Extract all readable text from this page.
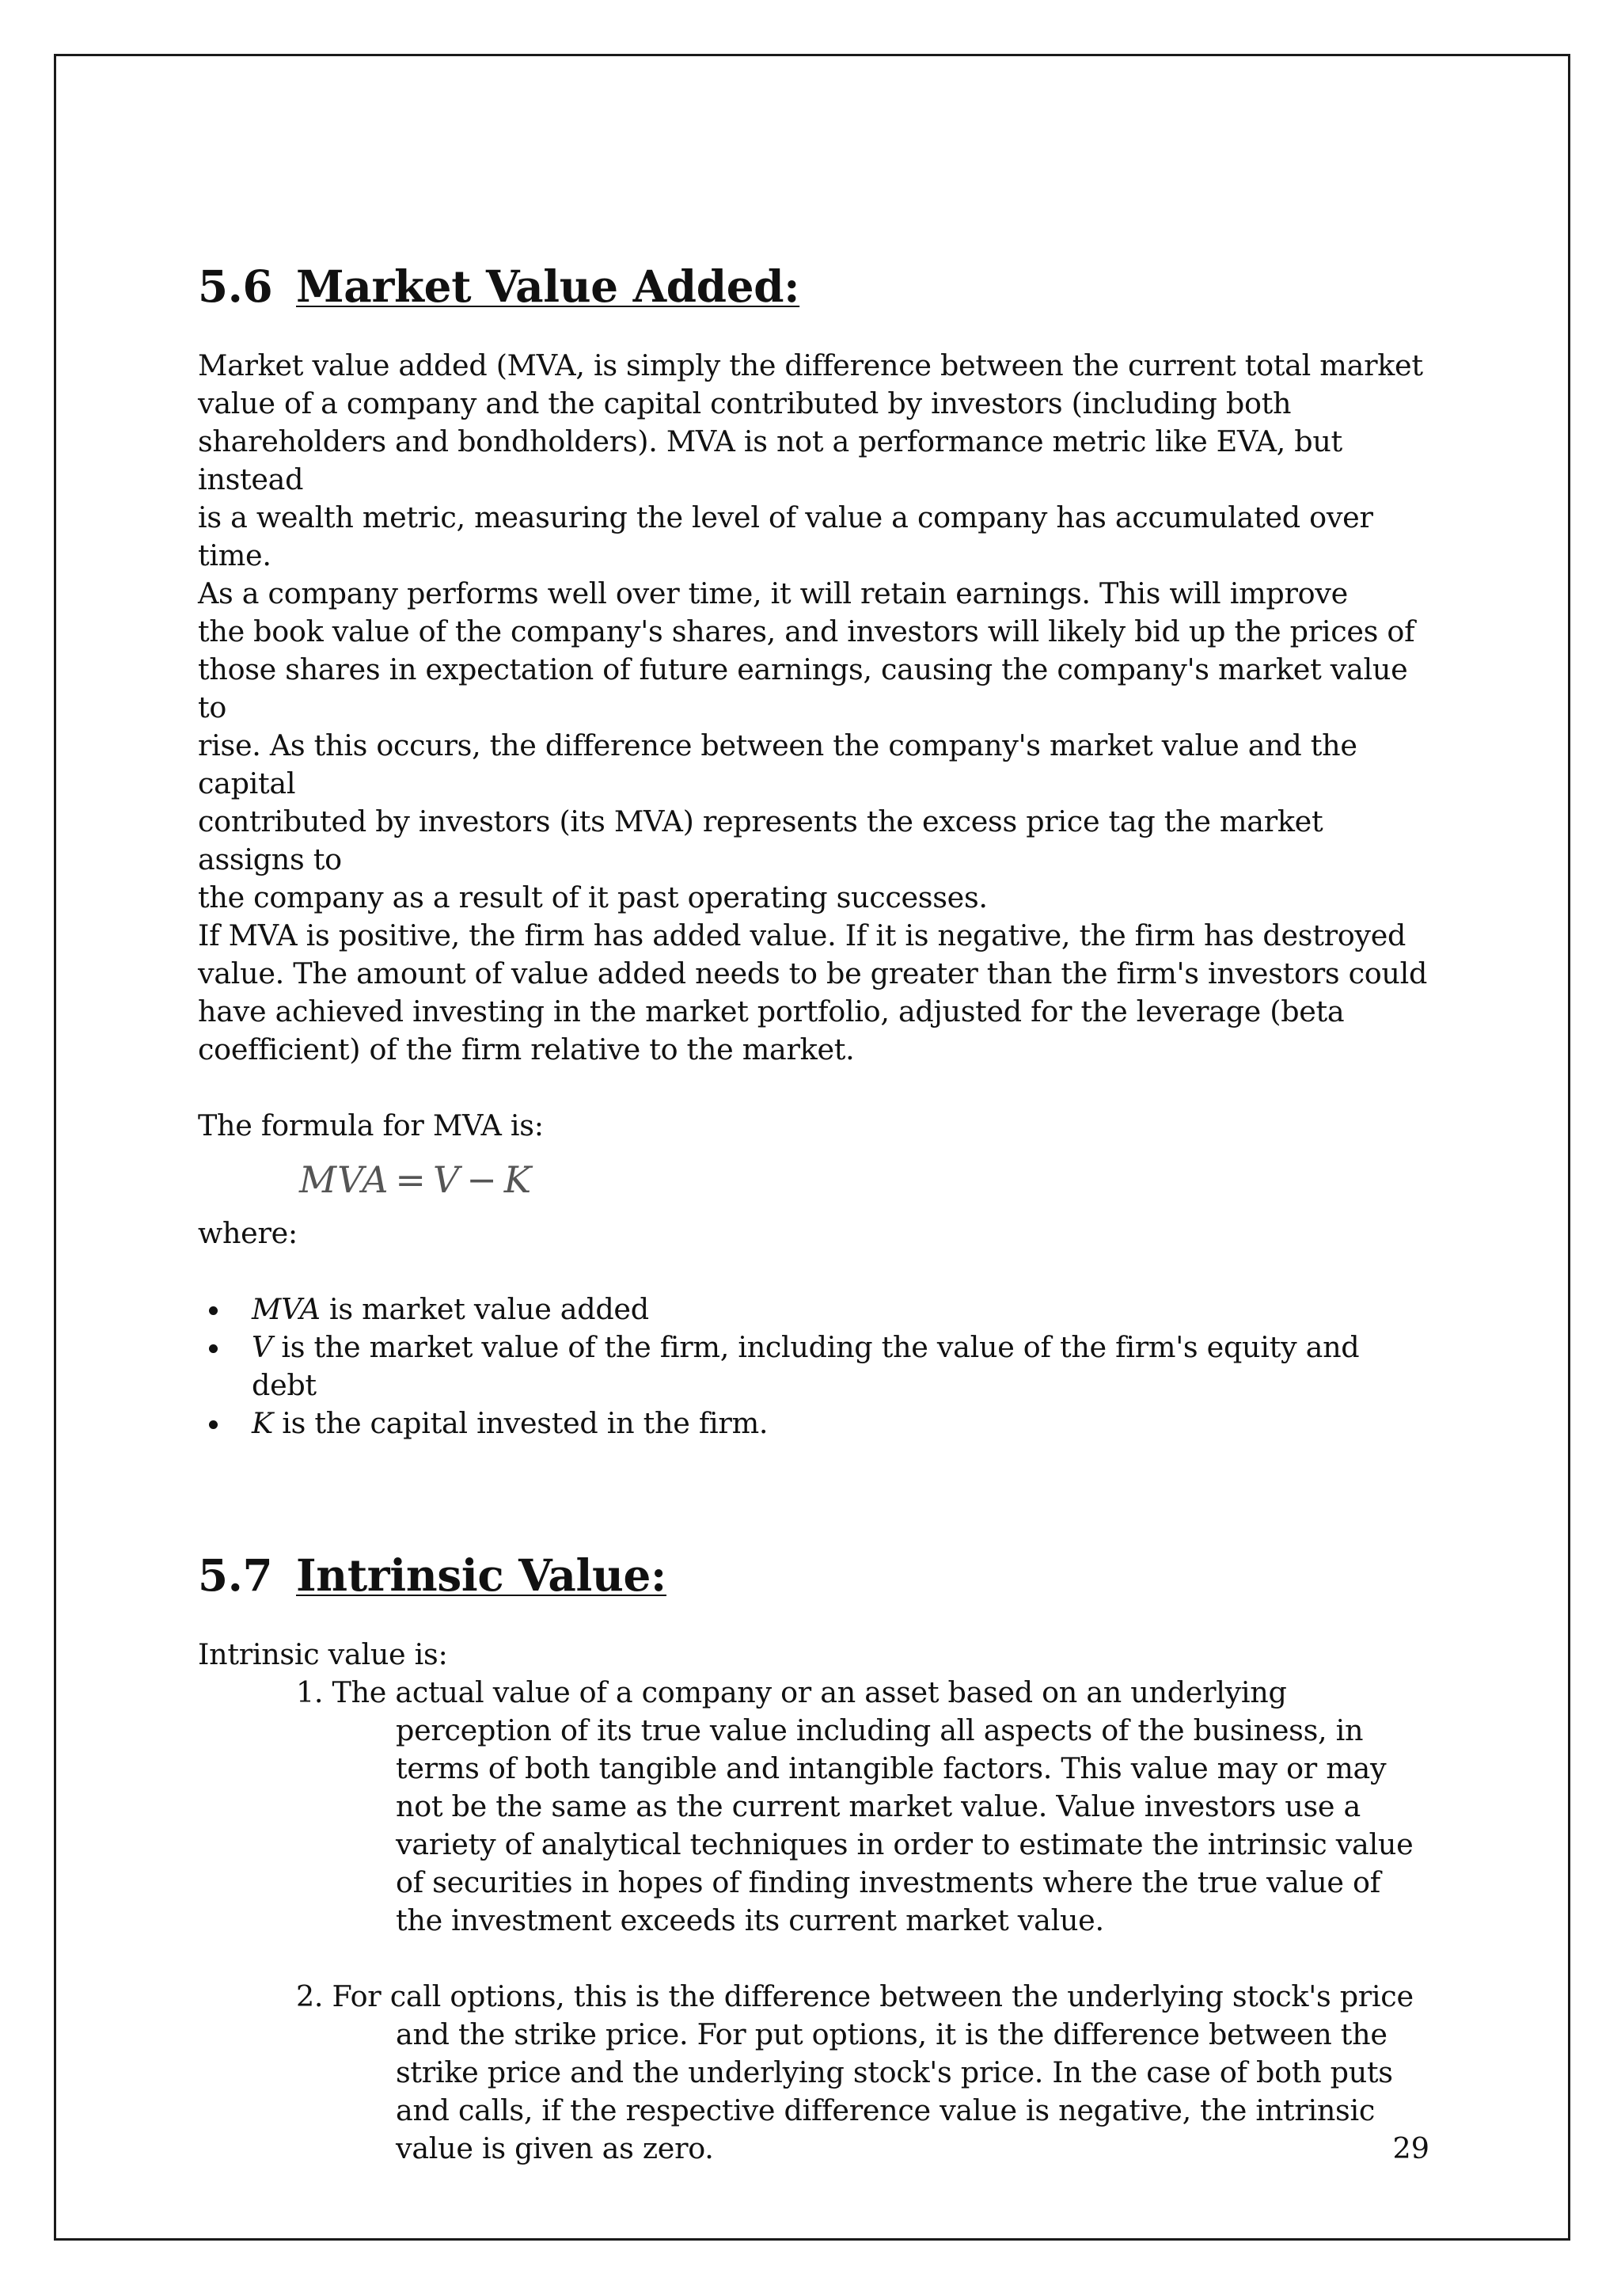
5.6 Market Value Added:

Market value added (MVA, is simply the difference between the current total market
value of a company and the capital contributed by investors (including both
shareholders and bondholders). MVA is not a performance metric like EVA, but instead
is a wealth metric, measuring the level of value a company has accumulated over time.
As a company performs well over time, it will retain earnings. This will improve
the book value of the company's shares, and investors will likely bid up the prices of
those shares in expectation of future earnings, causing the company's market value to
rise. As this occurs, the difference between the company's market value and the capital
contributed by investors (its MVA) represents the excess price tag the market assigns to
the company as a result of it past operating successes.

If MVA is positive, the firm has added value. If it is negative, the firm has destroyed
value. The amount of value added needs to be greater than the firm's investors could
have achieved investing in the market portfolio, adjusted for the leverage (beta
coefficient) of the firm relative to the market.

The formula for MVA is:

MVA = V − K

where:

MVA is market value added
V is the market value of the firm, including the value of the firm's equity and debt
K is the capital invested in the firm.
5.7 Intrinsic Value:

Intrinsic value is:

1. The actual value of a company or an asset based on an underlying perception of its true value including all aspects of the business, in terms of both tangible and intangible factors. This value may or may not be the same as the current market value. Value investors use a variety of analytical techniques in order to estimate the intrinsic value of securities in hopes of finding investments where the true value of the investment exceeds its current market value.

2. For call options, this is the difference between the underlying stock's price and the strike price. For put options, it is the difference between the strike price and the underlying stock's price. In the case of both puts and calls, if the respective difference value is negative, the intrinsic value is given as zero.	29
